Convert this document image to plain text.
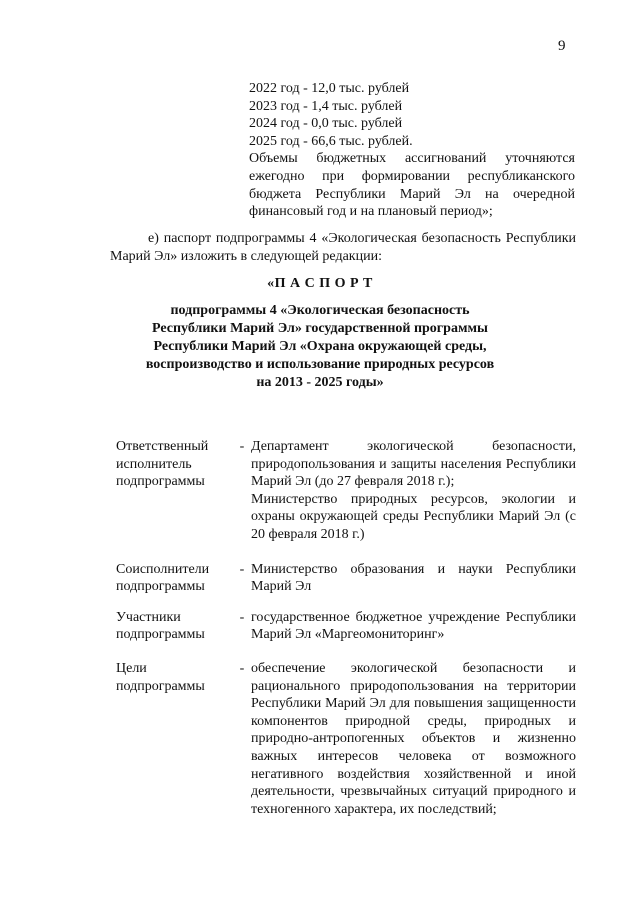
9
2022 год - 12,0 тыс. рублей
2023 год - 1,4 тыс. рублей
2024 год - 0,0 тыс. рублей
2025 год - 66,6 тыс. рублей.
Объемы бюджетных ассигнований уточняются ежегодно при формировании республиканского бюджета Республики Марий Эл на очередной финансовый год и на плановый период»;
е) паспорт подпрограммы 4 «Экологическая безопасность Республики Марий Эл» изложить в следующей редакции:
«П А С П О Р Т
подпрограммы 4 «Экологическая безопасность
Республики Марий Эл» государственной программы
Республики Марий Эл «Охрана окружающей среды,
воспроизводство и использование природных ресурсов
на 2013 - 2025 годы»
Ответственный
исполнитель
подпрограммы
- Департамент экологической безопасности, природопользования и защиты населения Республики Марий Эл (до 27 февраля 2018 г.);
Министерство природных ресурсов, экологии и охраны окружающей среды Республики Марий Эл (с 20 февраля 2018 г.)
Соисполнители
подпрограммы
- Министерство образования и науки Республики Марий Эл
Участники
подпрограммы
- государственное бюджетное учреждение Республики Марий Эл «Маргеомониторинг»
Цели
подпрограммы
- обеспечение экологической безопасности и рационального природопользования на территории Республики Марий Эл для повышения защищенности компонентов природной среды, природных и природно-антропогенных объектов и жизненно важных интересов человека от возможного негативного воздействия хозяйственной и иной деятельности, чрезвычайных ситуаций природного и техногенного характера, их последствий;
